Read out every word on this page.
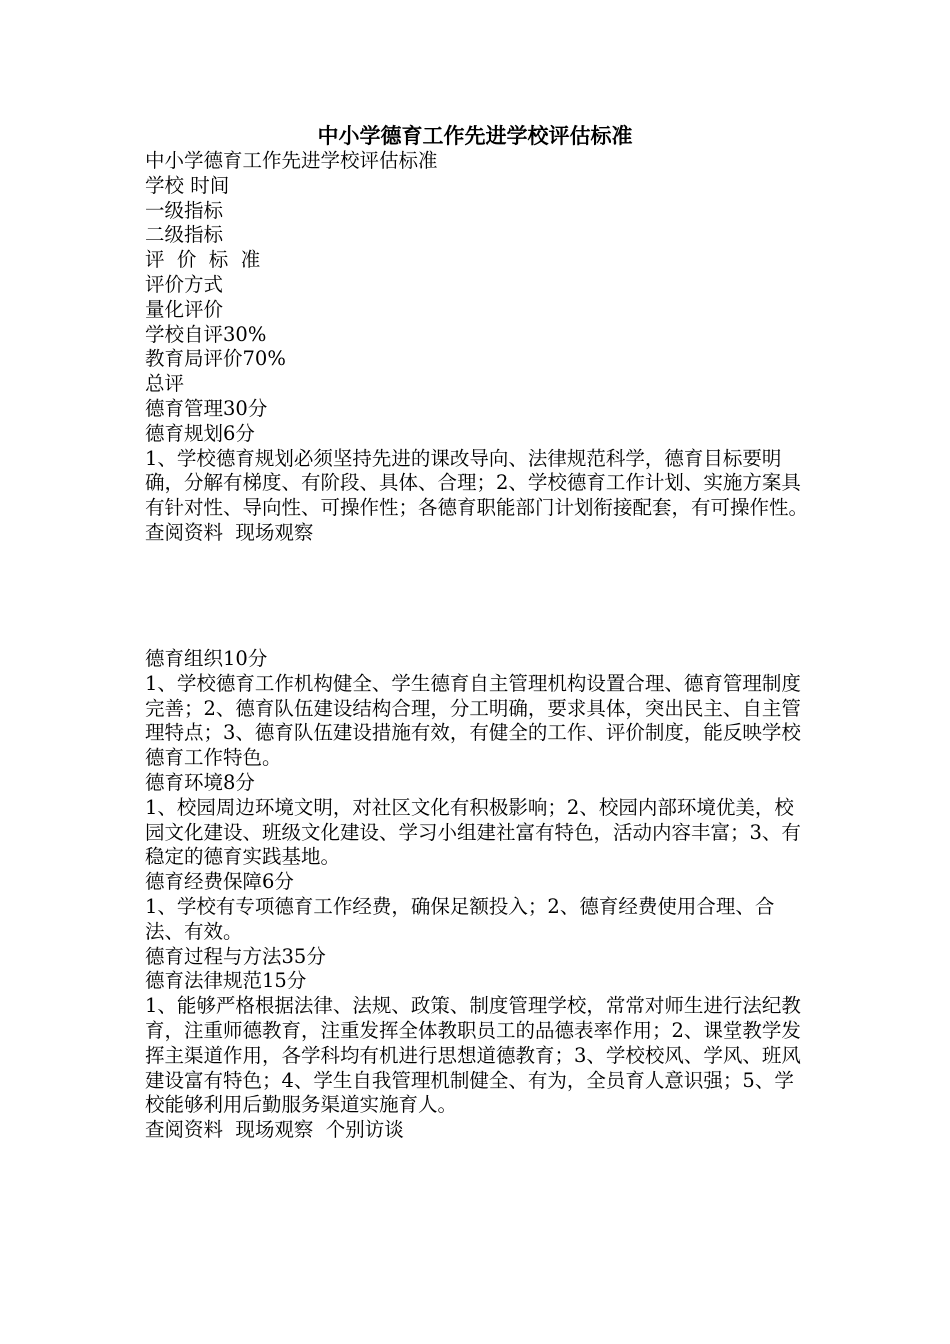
中小学德育工作先进学校评估标准

中小学德育工作先进学校评估标准

学校 时间

一级指标

二级指标

评  价  标  准

评价方式

量化评价

学校自评30%

教育局评价70%

总评

德育管理30分

德育规划6分

1、学校德育规划必须坚持先进的课改导向、法律规范科学，德育目标要明确，分解有梯度、有阶段、具体、合理；2、学校德育工作计划、实施方案具有针对性、导向性、可操作性；各德育职能部门计划衔接配套，有可操作性。

查阅资料  现场观察

德育组织10分

1、学校德育工作机构健全、学生德育自主管理机构设置合理、德育管理制度完善；2、德育队伍建设结构合理，分工明确，要求具体，突出民主、自主管理特点；3、德育队伍建设措施有效，有健全的工作、评价制度，能反映学校德育工作特色。

德育环境8分

1、校园周边环境文明，对社区文化有积极影响；2、校园内部环境优美，校园文化建设、班级文化建设、学习小组建社富有特色，活动内容丰富；3、有稳定的德育实践基地。

德育经费保障6分

1、学校有专项德育工作经费，确保足额投入；2、德育经费使用合理、合法、有效。

德育过程与方法35分

德育法律规范15分

1、能够严格根据法律、法规、政策、制度管理学校，常常对师生进行法纪教育，注重师德教育，注重发挥全体教职员工的品德表率作用；2、课堂教学发挥主渠道作用，各学科均有机进行思想道德教育；3、学校校风、学风、班风建设富有特色；4、学生自我管理机制健全、有为，全员育人意识强；5、学校能够利用后勤服务渠道实施育人。

查阅资料  现场观察  个别访谈
